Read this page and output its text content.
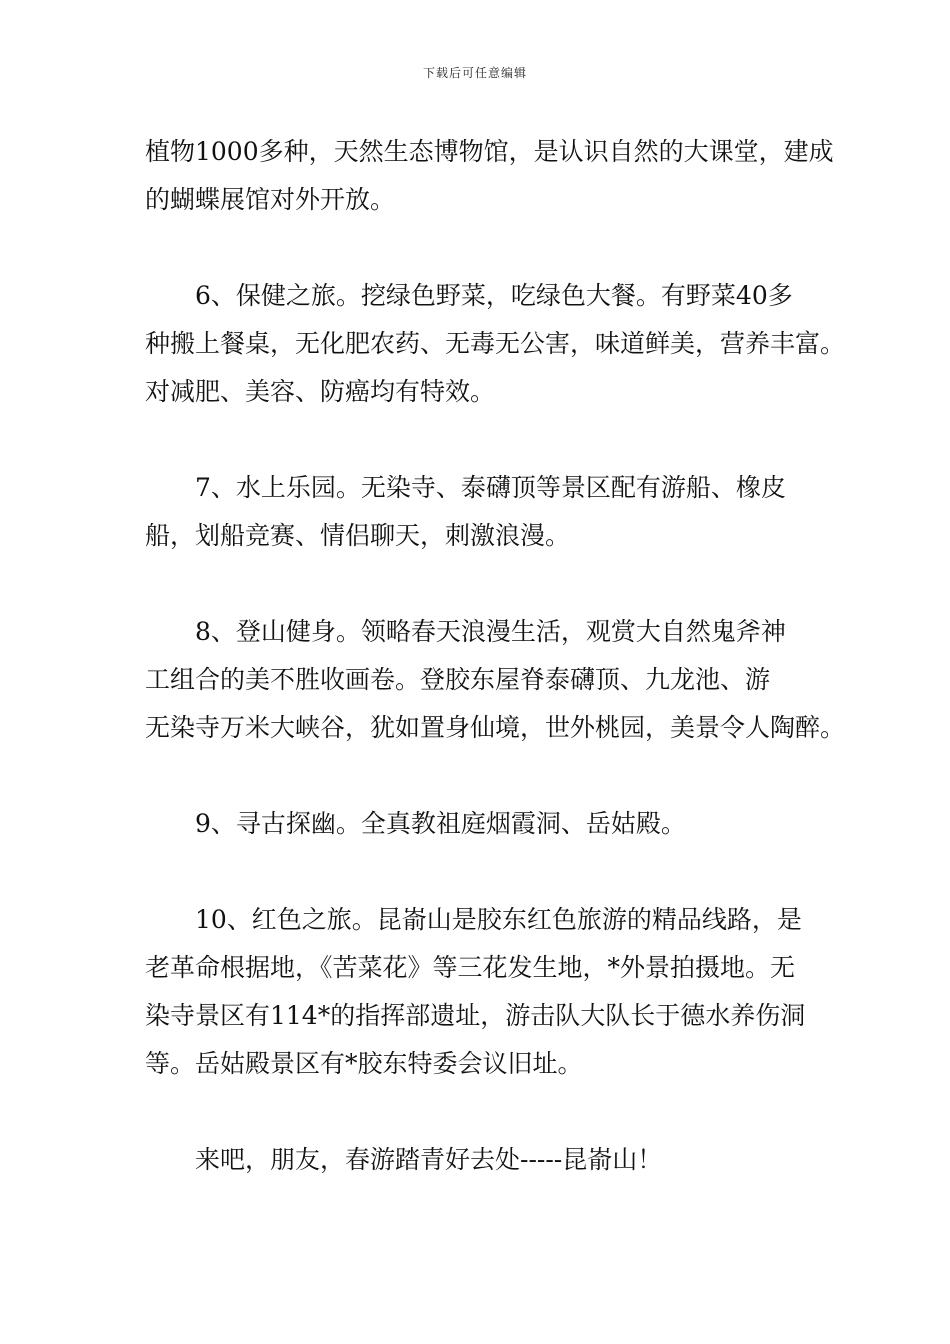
下载后可任意编辑

植物1000多种，天然生态博物馆，是认识自然的大课堂，建成
的蝴蝶展馆对外开放。

6、保健之旅。挖绿色野菜，吃绿色大餐。有野菜40多
种搬上餐桌，无化肥农药、无毒无公害，味道鲜美，营养丰富。
对减肥、美容、防癌均有特效。

7、水上乐园。无染寺、泰礴顶等景区配有游船、橡皮
船，划船竞赛、情侣聊天，刺激浪漫。

8、登山健身。领略春天浪漫生活，观赏大自然鬼斧神
工组合的美不胜收画卷。登胶东屋脊泰礴顶、九龙池、游
无染寺万米大峡谷，犹如置身仙境，世外桃园，美景令人陶醉。

9、寻古探幽。全真教祖庭烟霞洞、岳姑殿。

10、红色之旅。昆嵛山是胶东红色旅游的精品线路，是
老革命根据地，《苦菜花》等三花发生地，*外景拍摄地。无
染寺景区有114*的指挥部遗址，游击队大队长于德水养伤洞
等。岳姑殿景区有*胶东特委会议旧址。

来吧，朋友，春游踏青好去处-----昆嵛山！
